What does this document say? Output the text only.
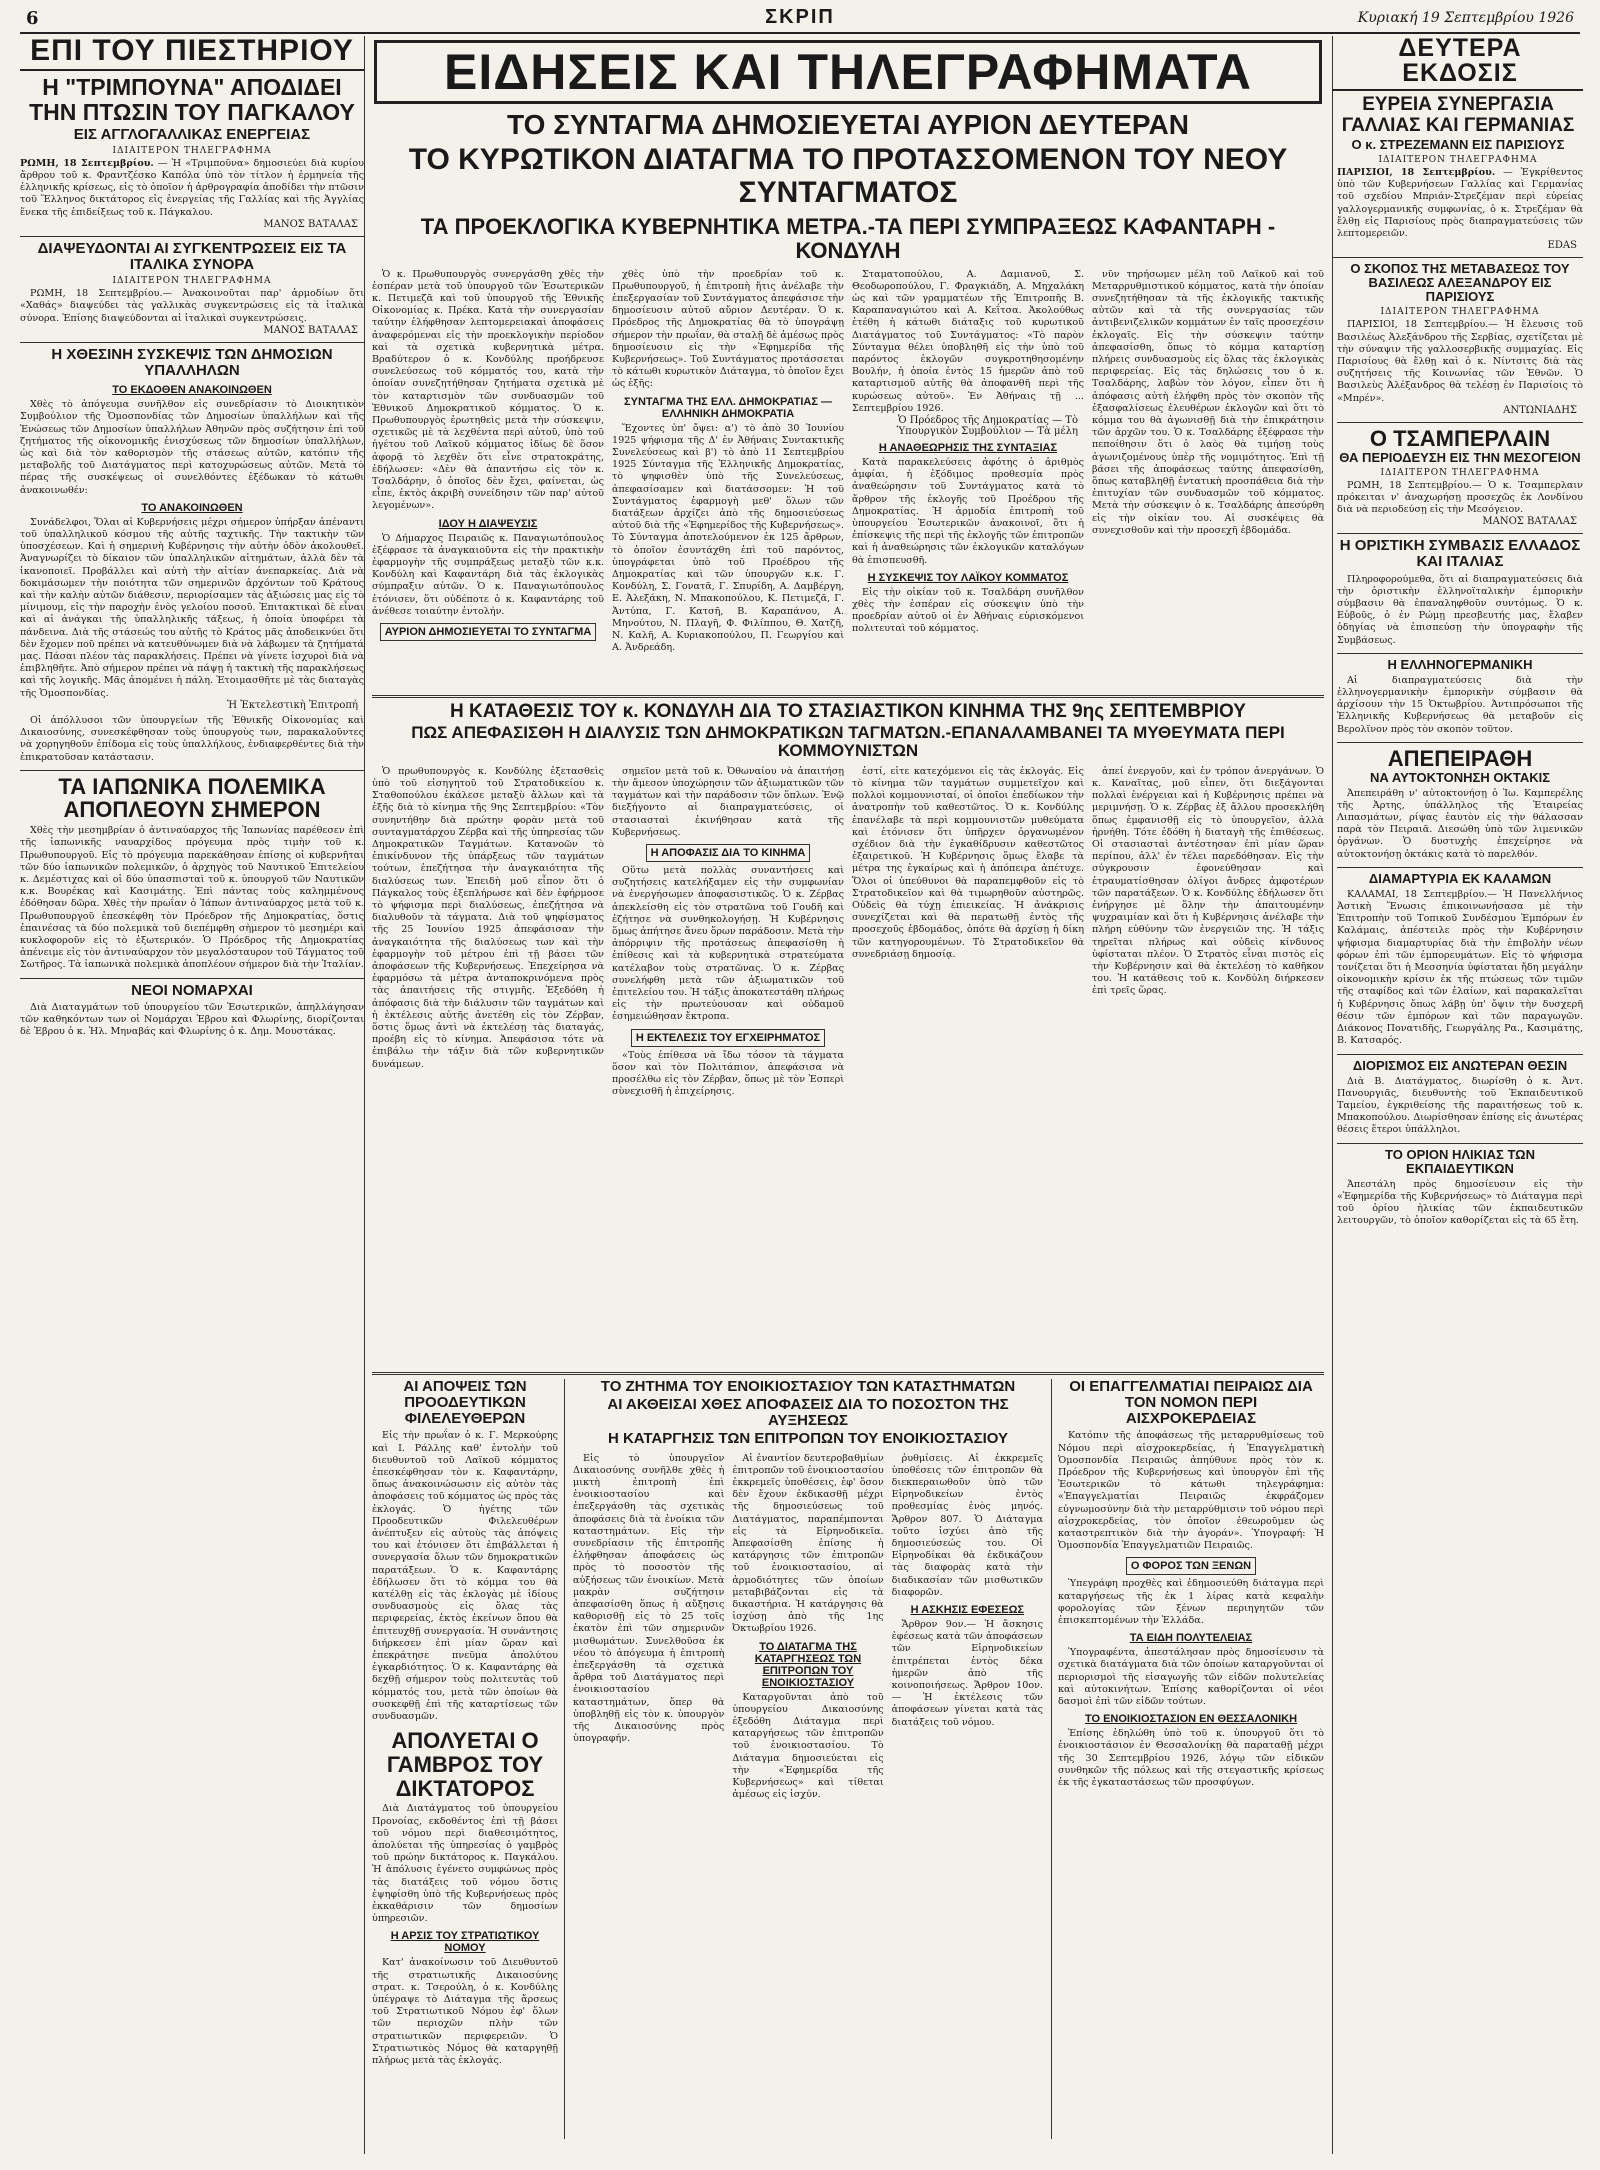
6	ΣΚΡΙΠ	Κυριακή 19 Σεπτεμβρίου 1926
ΕΠΙ ΤΟΥ ΠΙΕΣΤΗΡΙΟΥ
Η "ΤΡΙΜΠΟΥΝΑ" ΑΠΟΔΙΔΕΙ ΤΗΝ ΠΤΩΣΙΝ ΤΟΥ ΠΑΓΚΑΛΟΥ
ΕΙΣ ΑΓΓΛΟΓΑΛΛΙΚΑΣ ΕΝΕΡΓΕΙΑΣ
ΙΔΙΑΙΤΕΡΟΝ ΤΗΛΕΓΡΑΦΗΜΑ

ΡΩΜΗ, 18 Σεπτεμβρίου. — Ἡ «Τριμποῦνα» δημοσιεύει διὰ κυρίου ἄρθρου τοῦ κ. Φραντζέσκο Καπόλα ὑπὸ τὸν τίτλον ἡ ἐρμηνεία τῆς ἑλληνικῆς κρίσεως, εἰς τὸ ὁποῖον ἡ ἀρθρογραφία ἀποδίδει τὴν πτῶσιν τοῦ Ἕλληνος δικτάτορος εἰς ἐνεργείας τῆς Γαλλίας καὶ τῆς Ἀγγλίας ἕνεκα τῆς ἐπιδείξεως τοῦ κ. Πάγκαλου.

ΜΑΝΟΣ ΒΑΤΑΛΑΣ
ΔΙΑΨΕΥΔΟΝΤΑΙ ΑΙ ΣΥΓΚΕΝΤΡΩΣΕΙΣ ΕΙΣ ΤΑ ΙΤΑΛΙΚΑ ΣΥΝΟΡΑ
ΙΔΙΑΙΤΕΡΟΝ ΤΗΛΕΓΡΑΦΗΜΑ

ΡΩΜΗ, 18 Σεπτεμβρίου.— Ἀνακοινοῦται παρ' ἁρμοδίων ὅτι «Χαθάς» διαψεύδει τὰς γαλλικὰς συγκεντρώσεις εἰς τὰ ἰταλικὰ σύνορα. Ἐπίσης διαψεύδονται αἱ ἰταλικαὶ συγκεντρώσεις.

ΜΑΝΟΣ ΒΑΤΑΛΑΣ
Η ΧΘΕΣΙΝΗ ΣΥΣΚΕΨΙΣ ΤΩΝ ΔΗΜΟΣΙΩΝ ΥΠΑΛΛΗΛΩΝ
ΤΟ ΕΚΔΟΘΕΝ ΑΝΑΚΟΙΝΩΘΕΝ

Χθὲς τὸ ἀπόγευμα συνῆλθον εἰς συνεδρίασιν τὸ Διοικητικὸν Συμβούλιον τῆς Ὁμοσπονδίας τῶν Δημοσίων ὑπαλλήλων καὶ τῆς Ἑνώσεως τῶν Δημοσίων ὑπαλλήλων Ἀθηνῶν πρὸς συζήτησιν ἐπὶ τοῦ ζητήματος τῆς οἰκονομικῆς ἐνισχύσεως τῶν δημοσίων ὑπαλλήλων, ὡς καὶ διὰ τὸν καθορισμὸν τῆς στάσεως αὐτῶν, κατόπιν τῆς μεταβολῆς τοῦ Διατάγματος περὶ κατοχυρώσεως αὐτῶν. Μετὰ τὸ πέρας τῆς συσκέψεως οἱ συνελθόντες ἐξέδωκαν τὸ κάτωθι ἀνακοινωθέν:

ΤΟ ΑΝΑΚΟΙΝΩΘΕΝ

Συνάδελφοι, Ὅλαι αἱ Κυβερνήσεις μέχρι σήμερον ὑπήρξαν ἀπέναντι τοῦ ὑπαλληλικοῦ κόσμου τῆς αὐτῆς ταχτικῆς. Τὴν τακτικὴν τῶν ὑποσχέσεων. Καὶ ἡ σημερινὴ Κυβέρνησις τὴν αὐτὴν ὁδὸν ἀκολουθεῖ. Ἀναγνωρίζει τὸ δίκαιον τῶν ὑπαλληλικῶν αἰτημάτων, ἀλλὰ δὲν τὰ ἱκανοποιεῖ. Προβάλλει καὶ αὐτὴ τὴν αἰτίαν ἀνεπαρκείας. Διὰ νὰ δοκιμάσωμεν τὴν ποιότητα τῶν σημερινῶν ἀρχόντων τοῦ Κράτους καὶ τὴν καλὴν αὐτῶν διάθεσιν, περιορίσαμεν τὰς ἀξιώσεις μας εἰς τὸ μίνιμουμ, εἰς τὴν παροχὴν ἑνὸς γελοίου ποσοῦ. Ἐπιτακτικαὶ δὲ εἶναι καὶ αἱ ἀνάγκαι τῆς ὑπαλληλικῆς τάξεως, ἡ ὁποία ὑποφέρει τὰ πάνδεινα. Διὰ τῆς στάσεώς του αὐτῆς τὸ Κράτος μᾶς ἀποδεικνύει ὅτι δὲν ἔχομεν ποῦ πρέπει νὰ κατευθύνωμεν διὰ νὰ λάβωμεν τὰ ζητήματά μας. Πάσαι πλέον τὰς παρακλήσεις. Πρέπει νὰ γίνετε ἰσχυροὶ διὰ νὰ ἐπιβληθῆτε. Ἀπὸ σήμερον πρέπει νὰ πάψῃ ἡ τακτικὴ τῆς παρακλήσεως καὶ τῆς λογικῆς. Μᾶς ἀπομένει ἡ πάλη. Ἑτοιμασθῆτε μὲ τὰς διαταγὰς τῆς Ὁμοσπονδίας.

Ἡ Ἐκτελεστικὴ Ἐπιτροπή

Οἱ ἀπόλλυσοι τῶν ὑπουργείων τῆς Ἐθνικῆς Οἰκονομίας καὶ Δικαιοσύνης, συνεσκέφθησαν τοὺς ὑπουργοὺς των, παρακαλοῦντες νὰ χορηγηθοῦν ἐπίδομα εἰς τοὺς ὑπαλλήλους, ἐνδιαφερθέντες διὰ τὴν ἐπικρατοῦσαν κατάστασιν.

ΤΑ ΙΑΠΩΝΙΚΑ ΠΟΛΕΜΙΚΑ ΑΠΟΠΛΕΟΥΝ ΣΗΜΕΡΟΝ

Χθὲς τὴν μεσημβρίαν ὁ ἀντιναύαρχος τῆς Ἰαπωνίας παρέθεσεν ἐπὶ τῆς ἰαπωνικῆς ναυαρχίδος πρόγευμα πρὸς τιμὴν τοῦ κ. Πρωθυπουργοῦ. Εἰς τὸ πρόγευμα παρεκάθησαν ἐπίσης οἱ κυβερνῆται τῶν δύο ἰαπωνικῶν πολεμικῶν, ὁ ἀρχηγὸς τοῦ Ναυτικοῦ Ἐπιτελείου κ. Δεμέστιχας καὶ οἱ δύο ὑπασπισταὶ τοῦ κ. ὑπουργοῦ τῶν Ναυτικῶν κ.κ. Βουρέκας καὶ Κασιμάτης. Ἐπὶ πάντας τοὺς καλημμένους ἐδόθησαν δῶρα. Χθὲς τὴν πρωΐαν ὁ Ἰάπων ἀντιναύαρχος μετὰ τοῦ κ. Πρωθυπουργοῦ ἐπεσκέφθη τὸν Πρόεδρον τῆς Δημοκρατίας, ὅστις ἐπαινέσας τὰ δύο πολεμικὰ τοῦ διεπέμφθη σὴμερον τὸ μεσημέρι καὶ κυκλοφοροῦν εἰς τὸ ἐξωτερικόν. Ὁ Πρόεδρος τῆς Δημοκρατίας ἀπένειμε εἰς τὸν ἀντιναύαρχον τὸν μεγαλόσταυρον τοῦ Τάγματος τοῦ Σωτῆρος. Τὰ ἰαπωνικὰ πολεμικὰ ἀποπλέουν σήμερον διὰ τὴν Ἰταλίαν.

ΝΕΟΙ ΝΟΜΑΡΧΑΙ

Διὰ Διαταγμάτων τοῦ ὑπουργείου τῶν Ἐσωτερικῶν, ἀπηλλάγησαν τῶν καθηκόντων των οἱ Νομάρχαι Ἑβρου καὶ Φλωρίνης, διορίζονται δὲ Ἑβρου ὁ κ. Ἡλ. Μηναβάς καὶ Φλωρίνης ὁ κ. Δημ. Μουστάκας.

ΕΙΔΗΣΕΙΣ ΚΑΙ ΤΗΛΕΓΡΑΦΗΜΑΤΑ
ΤΟ ΣΥΝΤΑΓΜΑ ΔΗΜΟΣΙΕΥΕΤΑΙ ΑΥΡΙΟΝ ΔΕΥΤΕΡΑΝ
ΤΟ ΚΥΡΩΤΙΚΟΝ ΔΙΑΤΑΓΜΑ ΤΟ ΠΡΟΤΑΣΣΟΜΕΝΟΝ ΤΟΥ ΝΕΟΥ ΣΥΝΤΑΓΜΑΤΟΣ
ΤΑ ΠΡΟΕΚΛΟΓΙΚΑ ΚΥΒΕΡΝΗΤΙΚΑ ΜΕΤΡΑ.-ΤΑ ΠΕΡΙ ΣΥΜΠΡΑΞΕΩΣ ΚΑΦΑΝΤΑΡΗ - ΚΟΝΔΥΛΗ

Ὁ κ. Πρωθυπουργὸς συνεργάσθη χθὲς τὴν ἑσπέραν μετὰ τοῦ ὑπουργοῦ τῶν Ἐσωτερικῶν κ. Πετιμεζᾶ καὶ τοῦ ὑπουργοῦ τῆς Ἐθνικῆς Οἰκονομίας κ. Πρέκα. Κατὰ τὴν συνεργασίαν ταύτην ἐλήφθησαν λεπτομερειακαὶ ἀποφάσεις ἀναφερόμεναι εἰς τὴν προεκλογικὴν περίοδον καὶ τὰ σχετικὰ κυβερνητικὰ μέτρα. Βραδύτερον ὁ κ. Κονδύλης προήδρευσε συνελεύσεως τοῦ κόμματός του, κατὰ τὴν ὁποίαν συνεζητήθησαν ζητήματα σχετικὰ μὲ τὸν καταρτισμὸν τῶν συνδυασμῶν τοῦ Ἐθνικοῦ Δημοκρατικοῦ κόμματος. Ὁ κ. Πρωθυπουργὸς ἐρωτηθεὶς μετὰ τὴν σύσκεψιν, σχετικῶς μὲ τὰ λεχθέντα περὶ αὐτοῦ, ὑπὸ τοῦ ἡγέτου τοῦ Λαϊκοῦ κόμματος ἰδίως δὲ ὅσον ἀφορᾷ τὸ λεχθὲν ὅτι εἶνε στρατοκράτης, ἐδήλωσεν: «Δὲν θὰ ἀπαντήσω εἰς τὸν κ. Τσαλδάρην, ὁ ὁποῖος δὲν ἔχει, φαίνεται, ὡς εἶπε, ἐκτὸς ἀκριβὴ συνείδησιν τῶν παρ' αὐτοῦ λεγομένων».

ΙΔΟΥ Η ΔΙΑΨΕΥΣΙΣ

Ὁ Δήμαρχος Πειραιῶς κ. Παναγιωτόπουλος ἐξέφρασε τὰ ἀναγκαιοῦντα εἰς τὴν πρακτικὴν ἐφαρμογὴν τῆς συμπράξεως μεταξὺ τῶν κ.κ. Κονδύλη καὶ Καφαντάρη διὰ τὰς ἐκλογικὰς σύμπραξιν αὐτῶν. Ὁ κ. Παναγιωτόπουλος ἐτόνισεν, ὅτι οὐδέποτε ὁ κ. Καφαντάρης τοῦ ἀνέθεσε τοιαύτην ἐντολήν.

ΑΥΡΙΟΝ ΔΗΜΟΣΙΕΥΕΤΑΙ ΤΟ ΣΥΝΤΑΓΜΑ

χθὲς ὑπὸ τὴν προεδρίαν τοῦ κ. Πρωθυπουργοῦ, ἡ ἐπιτροπὴ ἥτις ἀνέλαβε τὴν ἐπεξεργασίαν τοῦ Συντάγματος ἀπεφάσισε τὴν δημοσίευσιν αὐτοῦ αὔριον Δευτέραν. Ὁ κ. Πρόεδρος τῆς Δημοκρατίας θὰ τὸ ὑπογράψῃ σήμερον τὴν πρωΐαν, θὰ σταλῇ δὲ ἀμέσως πρὸς δημοσίευσιν εἰς τὴν «Ἐφημερίδα τῆς Κυβερνήσεως». Τοῦ Συντάγματος προτάσσεται τὸ κάτωθι κυρωτικὸν Διάταγμα, τὸ ὁποῖον ἔχει ὡς ἑξῆς:

ΣΥΝΤΑΓΜΑ ΤΗΣ ΕΛΛ. ΔΗΜΟΚΡΑΤΙΑΣ — ΕΛΛΗΝΙΚΗ ΔΗΜΟΚΡΑΤΙΑ

Ἔχοντες ὑπ' ὄψει: α') τὸ ἀπὸ 30 Ἰουνίου 1925 ψήφισμα τῆς Δ' ἐν Ἀθήναις Συντακτικῆς Συνελεύσεως καὶ β') τὸ ἀπὸ 11 Σεπτεμβρίου 1925 Σύνταγμα τῆς Ἑλληνικῆς Δημοκρατίας, τὸ ψηφισθὲν ὑπὸ τῆς Συνελεύσεως, ἀπεφασίσαμεν καὶ διατάσσομεν: Ἡ τοῦ Συντάγματος ἐφαρμογὴ μεθ' ὅλων τῶν διατάξεων ἀρχίζει ἀπὸ τῆς δημοσιεύσεως αὐτοῦ διὰ τῆς «Ἐφημερίδος τῆς Κυβερνήσεως». Τὸ Σύνταγμα ἀποτελούμενον ἐκ 125 ἄρθρων, τὸ ὁποῖον ἐσυντάχθη ἐπὶ τοῦ παρόντος, ὑπογράφεται ὑπὸ τοῦ Προέδρου τῆς Δημοκρατίας καὶ τῶν ὑπουργῶν κ.κ. Γ. Κονδύλη, Σ. Γονατᾶ, Γ. Σπυρίδη, Α. Δαμβέργη, Ε. Ἀλεξάκη, Ν. Μπακοπούλου, Κ. Πετιμεζᾶ, Γ. Ἀντύπα, Γ. Κατσῆ, Β. Καραπάνου, Α. Μηνούτου, Ν. Πλαγῆ, Φ. Φιλίππου, Θ. Χατζῆ, Ν. Καλῆ, Α. Κυριακοπούλου, Π. Γεωργίου καὶ Α. Ἀνδρεάδη.

Σταματοπούλου, Α. Δαμιανοῦ, Σ. Θεοδωροπούλου, Γ. Φραγκιάδη, Α. Μηχαλάκη ὡς καὶ τῶν γραμματέων τῆς Ἐπιτροπῆς Β. Καραπαναγιώτου καὶ Α. Κεΐτσα. Ἀκολούθως ἐτέθη ἡ κάτωθι διάταξις τοῦ κυρωτικοῦ Διατάγματος τοῦ Συντάγματος: «Τὸ παρὸν Σύνταγμα θέλει ὑποβληθῆ εἰς τὴν ὑπὸ τοῦ παρόντος ἐκλογῶν συγκροτηθησομένην Βουλήν, ἡ ὁποία ἐντὸς 15 ἡμερῶν ἀπὸ τοῦ καταρτισμοῦ αὐτῆς θὰ ἀποφανθῆ περὶ τῆς κυρώσεως αὐτοῦ». Ἐν Ἀθήναις τῇ ... Σεπτεμβρίου 1926.

Ὁ Πρόεδρος τῆς Δημοκρατίας — Τὸ Ὑπουργικὸν Συμβούλιον — Τὰ μέλη
Η ΑΝΑΘΕΩΡΗΣΙΣ ΤΗΣ ΣΥΝΤΑΞΙΑΣ

Κατὰ παρακελεύσεις ἀφότης ὁ ἀριθμὸς ἀμφίαι, ἡ ἐξόδιμος προθεσμία πρὸς ἀναθεώρησιν τοῦ Συντάγματος κατὰ τὸ ἄρθρον τῆς ἐκλογῆς τοῦ Προέδρου τῆς Δημοκρατίας. Ἡ ἀρμοδία ἐπιτροπὴ τοῦ ὑπουργείου Ἐσωτερικῶν ἀνακοινοῖ, ὅτι ἡ ἐπίσκεψις τῆς περὶ τῆς ἐκλογῆς τῶν ἐπιτροπῶν καὶ ἡ ἀναθεώρησις τῶν ἐκλογικῶν καταλόγων θὰ ἐπισπευσθῆ.

Η ΣΥΣΚΕΨΙΣ ΤΟΥ ΛΑΪΚΟΥ ΚΟΜΜΑΤΟΣ

Εἰς τὴν οἰκίαν τοῦ κ. Τσαλδάρη συνῆλθον χθὲς τὴν ἑσπέραν εἰς σύσκεψιν ὑπὸ τὴν προεδρίαν αὐτοῦ οἱ ἐν Ἀθήναις εὑρισκόμενοι πολιτευταὶ τοῦ κόμματος.

νῦν τηρήσωμεν μέλη τοῦ Λαϊκοῦ καὶ τοῦ Μεταρρυθμιστικοῦ κόμματος, κατὰ τὴν ὁποίαν συνεζητήθησαν τὰ τῆς ἐκλογικῆς τακτικῆς αὐτῶν καὶ τὰ τῆς συνεργασίας τῶν ἀντιβενιζελικῶν κομμάτων ἐν ταῖς προσεχέσιν ἐκλογαῖς. Εἰς τὴν σύσκεψιν ταύτην ἀπεφασίσθη, ὅπως τὸ κόμμα καταρτίσῃ πλήρεις συνδυασμοὺς εἰς ὅλας τὰς ἐκλογικὰς περιφερείας. Εἰς τὰς δηλώσεις του ὁ κ. Τσαλδάρης, λαβὼν τὸν λόγον, εἶπεν ὅτι ἡ ἀπόφασις αὐτὴ ἐλήφθη πρὸς τὸν σκοπὸν τῆς ἐξασφαλίσεως ἐλευθέρων ἐκλογῶν καὶ ὅτι τὸ κόμμα του θὰ ἀγωνισθῇ διὰ τὴν ἐπικράτησιν τῶν ἀρχῶν του. Ὁ κ. Τσαλδάρης ἐξέφρασε τὴν πεποίθησιν ὅτι ὁ λαὸς θὰ τιμήσῃ τοὺς ἀγωνιζομένους ὑπὲρ τῆς νομιμότητος. Ἐπὶ τῇ βάσει τῆς ἀποφάσεως ταύτης ἀπεφασίσθη, ὅπως καταβληθῇ ἐντατικὴ προσπάθεια διὰ τὴν ἐπιτυχίαν τῶν συνδυασμῶν τοῦ κόμματος. Μετὰ τὴν σύσκεψιν ὁ κ. Τσαλδάρης ἀπεσύρθη εἰς τὴν οἰκίαν του. Αἱ συσκέψεις θὰ συνεχισθοῦν καὶ τὴν προσεχῆ ἑβδομάδα.

Η ΚΑΤΑΘΕΣΙΣ ΤΟΥ κ. ΚΟΝΔΥΛΗ ΔΙΑ ΤΟ ΣΤΑΣΙΑΣΤΙΚΟΝ ΚΙΝΗΜΑ ΤΗΣ 9ης ΣΕΠΤΕΜΒΡΙΟΥ
ΠΩΣ ΑΠΕΦΑΣΙΣΘΗ Η ΔΙΑΛΥΣΙΣ ΤΩΝ ΔΗΜΟΚΡΑΤΙΚΩΝ ΤΑΓΜΑΤΩΝ.-ΕΠΑΝΑΛΑΜΒΑΝΕΙ ΤΑ ΜΥΘΕΥΜΑΤΑ ΠΕΡΙ ΚΟΜΜΟΥΝΙΣΤΩΝ

Ὁ πρωθυπουργὸς κ. Κονδύλης ἐξετασθεὶς ὑπὸ τοῦ εἰσηγητοῦ τοῦ Στρατοδικείου κ. Σταθοπούλου ἐκάλεσε μεταξὺ ἄλλων καὶ τὰ ἑξῆς διὰ τὸ κίνημα τῆς 9ης Σεπτεμβρίου: «Τὸν συνηντήθην διὰ πρώτην φορὰν μετὰ τοῦ συνταγματάρχου Ζέρβα καὶ τῆς ὑπηρεσίας τῶν Δημοκρατικῶν Ταγμάτων. Κατανοῶν τὸ ἐπικίνδυνον τῆς ὑπάρξεως τῶν ταγμάτων τούτων, ἐπεζήτησα τὴν ἀναγκαιότητα τῆς διαλύσεως των. Ἐπειδὴ μοῦ εἶπον ὅτι ὁ Πάγκαλος τοὺς ἐξεπλήρωσε καὶ δὲν ἐφήρμοσε τὸ ψήφισμα περὶ διαλύσεως, ἐπεζήτησα νὰ διαλυθοῦν τὰ τάγματα. Διὰ τοῦ ψηφίσματος τῆς 25 Ἰουνίου 1925 ἀπεφάσισαν τὴν ἀναγκαιότητα τῆς διαλύσεως των καὶ τὴν ἐφαρμογὴν τοῦ μέτρου ἐπὶ τῇ βάσει τῶν ἀποφάσεων τῆς Κυβερνήσεως. Ἐπεχείρησα νὰ ἐφαρμόσω τὰ μέτρα ἀνταποκρινόμενα πρὸς τὰς ἀπαιτήσεις τῆς στιγμῆς. Ἐξεδόθη ἡ ἀπόφασις διὰ τὴν διάλυσιν τῶν ταγμάτων καὶ ἡ ἐκτέλεσις αὐτῆς ἀνετέθη εἰς τὸν Ζέρβαν, ὅστις ὅμως ἀντὶ νὰ ἐκτελέσῃ τὰς διαταγάς, προέβη εἰς τὸ κίνημα. Ἀπεφάσισα τότε νὰ ἐπιβάλω τὴν τάξιν διὰ τῶν κυβερνητικῶν δυνάμεων.

σημεῖον μετὰ τοῦ κ. Ὀθωναίου νὰ ἀπαιτήσῃ τὴν ἄμεσον ὑποχώρησιν τῶν ἀξιωματικῶν τῶν ταγμάτων καὶ τὴν παράδοσιν τῶν ὅπλων. Ἐνῷ διεξήγοντο αἱ διαπραγματεύσεις, οἱ στασιασταὶ ἐκινήθησαν κατὰ τῆς Κυβερνήσεως.

Η ΑΠΟΦΑΣΙΣ ΔΙΑ ΤΟ ΚΙΝΗΜΑ

Οὕτω μετὰ πολλὰς συναντήσεις καὶ συζητήσεις κατελήξαμεν εἰς τὴν συμφωνίαν νὰ ἐνεργήσωμεν ἀποφασιστικῶς. Ὁ κ. Ζέρβας ἀπεκλείσθη εἰς τὸν στρατῶνα τοῦ Γουδῆ καὶ ἐζήτησε νὰ συνθηκολογήσῃ. Ἡ Κυβέρνησις ὅμως ἀπήτησε ἄνευ ὅρων παράδοσιν. Μετὰ τὴν ἀπόρριψιν τῆς προτάσεως ἀπεφασίσθη ἡ ἐπίθεσις καὶ τὰ κυβερνητικὰ στρατεύματα κατέλαβον τοὺς στρατῶνας. Ὁ κ. Ζέρβας συνελήφθη μετὰ τῶν ἀξιωματικῶν τοῦ ἐπιτελείου του. Ἡ τάξις ἀποκατεστάθη πλήρως εἰς τὴν πρωτεύουσαν καὶ οὐδαμοῦ ἐσημειώθησαν ἔκτροπα.

Η ΕΚΤΕΛΕΣΙΣ ΤΟΥ ΕΓΧΕΙΡΗΜΑΤΟΣ

«Τοὺς ἐπίθεσα νὰ ἴδω τόσον τὰ τάγματα ὅσον καὶ τὸν Πολιτάπιον, ἀπεφάσισα νὰ προσέλθω εἰς τὸν Ζέρβαν, ὅπως μὲ τὸν Ἐσπερὶ σὺνεχισθῆ ἡ ἐπιχείρησις.

ἐστί, εἶτε κατεχόμενοι εἰς τὰς ἐκλογάς. Εἰς τὸ κίνημα τῶν ταγμάτων συμμετεῖχον καὶ πολλοὶ κομμουνισταί, οἱ ὁποῖοι ἐπεδίωκον τὴν ἀνατροπὴν τοῦ καθεστῶτος. Ὁ κ. Κονδύλης ἐπανέλαβε τὰ περὶ κομμουνιστῶν μυθεύματα καὶ ἐτόνισεν ὅτι ὑπῆρχεν ὀργανωμένον σχέδιον διὰ τὴν ἐγκαθίδρυσιν καθεστῶτος ἐξαιρετικοῦ. Ἡ Κυβέρνησις ὅμως ἔλαβε τὰ μέτρα της ἐγκαίρως καὶ ἡ ἀπόπειρα ἀπέτυχε. Ὅλοι οἱ ὑπεύθυνοι θὰ παραπεμφθοῦν εἰς τὸ Στρατοδικεῖον καὶ θὰ τιμωρηθοῦν αὐστηρῶς. Οὐδεὶς θὰ τύχῃ ἐπιεικείας. Ἡ ἀνάκρισις συνεχίζεται καὶ θὰ περατωθῇ ἐντὸς τῆς προσεχοῦς ἑβδομάδος, ὁπότε θὰ ἀρχίσῃ ἡ δίκη τῶν κατηγορουμένων. Τὸ Στρατοδικεῖον θὰ συνεδριάσῃ δημοσίᾳ.

ἀπεί ἐνεργοῦν, καὶ ἐν τρόπον ἀνεργάνων. Ὁ κ. Καναῖτας, μοῦ εἶπεν, ὅτι διεξάγονται πολλαὶ ἐνέργειαι καὶ ἡ Κυβέρνησις πρέπει νὰ μεριμνήσῃ. Ὁ κ. Ζέρβας ἐξ ἄλλου προσεκλήθη ὅπως ἐμφανισθῇ εἰς τὸ ὑπουργεῖον, ἀλλὰ ἠρνήθη. Τότε ἐδόθη ἡ διαταγὴ τῆς ἐπιθέσεως. Οἱ στασιασταὶ ἀντέστησαν ἐπὶ μίαν ὥραν περίπου, ἀλλ' ἐν τέλει παρεδόθησαν. Εἰς τὴν σύγκρουσιν ἐφονεύθησαν καὶ ἐτραυματίσθησαν ὀλίγοι ἄνδρες ἀμφοτέρων τῶν παρατάξεων. Ὁ κ. Κονδύλης ἐδήλωσεν ὅτι ἐνήργησε μὲ ὅλην τὴν ἀπαιτουμένην ψυχραιμίαν καὶ ὅτι ἡ Κυβέρνησις ἀνέλαβε τὴν πλήρη εὐθύνην τῶν ἐνεργειῶν της. Ἡ τάξις τηρεῖται πλήρως καὶ οὐδεὶς κίνδυνος ὑφίσταται πλέον. Ὁ Στρατὸς εἶναι πιστὸς εἰς τὴν Κυβέρνησιν καὶ θὰ ἐκτελέσῃ τὸ καθῆκον του. Ἡ κατάθεσις τοῦ κ. Κονδύλη διήρκεσεν ἐπὶ τρεῖς ὥρας.

ΑΙ ΑΠΟΨΕΙΣ ΤΩΝ ΠΡΟΟΔΕΥΤΙΚΩΝ ΦΙΛΕΛΕΥΘΕΡΩΝ

Εἰς τὴν πρωΐαν ὁ κ. Γ. Μερκούρης καὶ Ι. Ράλλης καθ' ἐντολὴν τοῦ διευθυντοῦ τοῦ Λαϊκοῦ κόμματος ἐπεσκέφθησαν τὸν κ. Καφαντάρην, ὅπως ἀνακοινώσωσιν εἰς αὐτὸν τὰς ἀποφάσεις τοῦ κόμματος ὡς πρὸς τὰς ἐκλογάς. Ὁ ἡγέτης τῶν Προοδευτικῶν Φιλελευθέρων ἀνέπτυξεν εἰς αὐτοὺς τὰς ἀπόψεις του καὶ ἐτόνισεν ὅτι ἐπιβάλλεται ἡ συνεργασία ὅλων τῶν δημοκρατικῶν παρατάξεων. Ὁ κ. Καφαντάρης ἐδήλωσεν ὅτι τὸ κόμμα του θὰ κατέλθῃ εἰς τὰς ἐκλογὰς μὲ ἰδίους συνδυασμοὺς εἰς ὅλας τὰς περιφερείας, ἐκτὸς ἐκείνων ὅπου θὰ ἐπιτευχθῇ συνεργασία. Ἡ συνάντησις διήρκεσεν ἐπὶ μίαν ὥραν καὶ ἐπεκράτησε πνεῦμα ἀπολύτου ἐγκαρδιότητος. Ὁ κ. Καφαντάρης θὰ δεχθῇ σήμερον τοὺς πολιτευτὰς τοῦ κόμματός του, μετὰ τῶν ὁποίων θὰ συσκεφθῇ ἐπὶ τῆς καταρτίσεως τῶν συνδυασμῶν.

ΑΠΟΛΥΕΤΑΙ Ο ΓΑΜΒΡΟΣ ΤΟΥ ΔΙΚΤΑΤΟΡΟΣ

Διὰ Διατάγματος τοῦ ὑπουργείου Προνοίας, εκδοθέντος ἐπὶ τῇ βάσει τοῦ νόμου περὶ διαθεσιμότητος, ἀπολύεται τῆς ὑπηρεσίας ὁ γαμβρὸς τοῦ πρώην δικτάτορος κ. Παγκάλου. Ἡ ἀπόλυσις ἐγένετο συμφώνως πρὸς τὰς διατάξεις τοῦ νόμου ὅστις ἐψηφίσθη ὑπὸ τῆς Κυβερνήσεως πρὸς ἐκκαθάρισιν τῶν δημοσίων ὑπηρεσιῶν.

Η ΑΡΣΙΣ ΤΟΥ ΣΤΡΑΤΙΩΤΙΚΟΥ ΝΟΜΟΥ

Κατ' ἀνακοίνωσιν τοῦ Διευθυντοῦ τῆς στρατιωτικῆς Δικαιοσύνης στρατ. κ. Τσερούλη, ὁ κ. Κονδύλης ὑπέγραψε τὸ Διάταγμα τῆς ἄρσεως τοῦ Στρατιωτικοῦ Νόμου ἐφ' ὅλων τῶν περιοχῶν πλὴν τῶν στρατιωτικῶν περιφερειῶν. Ὁ Στρατιωτικὸς Νόμος θὰ καταργηθῇ πλήρως μετὰ τὰς ἐκλογάς.

ΤΟ ΖΗΤΗΜΑ ΤΟΥ ΕΝΟΙΚΙΟΣΤΑΣΙΟΥ ΤΩΝ ΚΑΤΑΣΤΗΜΑΤΩΝ
ΑΙ ΑΚΘΕΙΣΑΙ ΧΘΕΣ ΑΠΟΦΑΣΕΙΣ ΔΙΑ ΤΟ ΠΟΣΟΣΤΟΝ ΤΗΣ ΑΥΞΗΣΕΩΣ
Η ΚΑΤΑΡΓΗΣΙΣ ΤΩΝ ΕΠΙΤΡΟΠΩΝ ΤΟΥ ΕΝΟΙΚΙΟΣΤΑΣΙΟΥ

Εἰς τὸ ὑπουργεῖον Δικαιοσύνης συνῆλθε χθὲς ἡ μικτὴ ἐπιτροπὴ ἐπὶ ἐνοικιοστασίου καὶ ἐπεξεργάσθη τὰς σχετικὰς ἀποφάσεις διὰ τὰ ἐνοίκια τῶν καταστημάτων. Εἰς τὴν συνεδρίασιν τῆς ἐπιτροπῆς ἐλήφθησαν ἀποφάσεις ὡς πρὸς τὸ ποσοστὸν τῆς αὐξήσεως τῶν ἐνοικίων. Μετὰ μακρὰν συζήτησιν ἀπεφασίσθη ὅπως ἡ αὔξησις καθορισθῇ εἰς τὸ 25 τοῖς ἑκατὸν ἐπὶ τῶν σημερινῶν μισθωμάτων. Συνελθοῦσα ἐκ νέου τὸ ἀπόγευμα ἡ ἐπιτροπὴ ἐπεξεργάσθη τὰ σχετικὰ ἄρθρα τοῦ Διατάγματος περὶ ἐνοικιοστασίου καταστημάτων, ὅπερ θὰ ὑποβληθῇ εἰς τὸν κ. ὑπουργὸν τῆς Δικαιοσύνης πρὸς ὑπογραφήν.

Αἱ ἐναντίον δευτεροβαθμίων ἐπιτροπῶν τοῦ ἐνοικιοστασίου ἐκκρεμεῖς ὑποθέσεις, ἐφ' ὅσον δὲν ἔχουν ἐκδικασθῇ μέχρι τῆς δημοσιεύσεως τοῦ Διατάγματος, παραπέμπονται εἰς τὰ Εἰρηνοδικεῖα. Ἀπεφασίσθη ἐπίσης ἡ κατάργησις τῶν ἐπιτροπῶν τοῦ ἐνοικιοστασίου, αἱ ἁρμοδιότητες τῶν ὁποίων μεταβιβάζονται εἰς τὰ δικαστήρια. Ἡ κατάργησις θὰ ἰσχύσῃ ἀπὸ τῆς 1ης Ὀκτωβρίου 1926.

ΤΟ ΔΙΑΤΑΓΜΑ ΤΗΣ ΚΑΤΑΡΓΗΣΕΩΣ ΤΩΝ ΕΠΙΤΡΟΠΩΝ ΤΟΥ ΕΝΟΙΚΙΟΣΤΑΣΙΟΥ

Καταργοῦνται ἀπὸ τοῦ ὑπουργείου Δικαιοσύνης ἐξεδόθη Διάταγμα περὶ καταργήσεως τῶν ἐπιτροπῶν τοῦ ἐνοικιοστασίου. Τὸ Διάταγμα δημοσιεύεται εἰς τὴν «Ἐφημερίδα τῆς Κυβερνήσεως» καὶ τίθεται ἀμέσως εἰς ἰσχύν.

ῥυθμίσεις. Αἱ ἐκκρεμεῖς ὑποθέσεις τῶν ἐπιτροπῶν θὰ διεκπεραιωθοῦν ὑπὸ τῶν Εἰρηνοδικείων ἐντὸς προθεσμίας ἑνὸς μηνός. Ἄρθρον 807. Ὁ Διάταγμα τοῦτο ἰσχύει ἀπὸ τῆς δημοσιεύσεώς του. Οἱ Εἰρηνοδίκαι θὰ ἐκδικάζουν τὰς διαφορὰς κατὰ τὴν διαδικασίαν τῶν μισθωτικῶν διαφορῶν.

Η ΑΣΚΗΣΙΣ ΕΦΕΣΕΩΣ

Ἄρθρον 9ον.— Ἡ ἄσκησις ἐφέσεως κατὰ τῶν ἀποφάσεων τῶν Εἰρηνοδικείων ἐπιτρέπεται ἐντὸς δέκα ἡμερῶν ἀπὸ τῆς κοινοποιήσεως. Ἄρθρον 10ον.— Ἡ ἐκτέλεσις τῶν ἀποφάσεων γίνεται κατὰ τὰς διατάξεις τοῦ νόμου.

ΟΙ ΕΠΑΓΓΕΛΜΑΤΙΑΙ ΠΕΙΡΑΙΩΣ ΔΙΑ ΤΟΝ ΝΟΜΟΝ ΠΕΡΙ ΑΙΣΧΡΟΚΕΡΔΕΙΑΣ

Κατόπιν τῆς ἀποφάσεως τῆς μεταρρυθμίσεως τοῦ Νόμου περὶ αἰσχροκερδείας, ἡ Ἐπαγγελματικὴ Ὁμοσπονδία Πειραιῶς ἀπηύθυνε πρὸς τὸν κ. Πρόεδρον τῆς Κυβερνήσεως καὶ ὑπουργὸν ἐπὶ τῆς Ἐσωτερικῶν τὸ κάτωθι τηλεγράφημα: «Ἐπαγγελματίαι Πειραιῶς ἐκφράζομεν εὐγνωμοσύνην διὰ τὴν μεταρρύθμισιν τοῦ νόμου περὶ αἰσχροκερδείας, τὸν ὁποῖον ἐθεωροῦμεν ὡς καταστρεπτικὸν διὰ τὴν ἀγοράν». Ὑπογραφή: Ἡ Ὁμοσπονδία Ἐπαγγελματιῶν Πειραιῶς.

Ο ΦΟΡΟΣ ΤΩΝ ΞΕΝΩΝ

Ὑπεγράφη προχθὲς καὶ ἐδημοσιεύθη διάταγμα περὶ καταργήσεως τῆς ἐκ 1 λίρας κατὰ κεφαλὴν φορολογίας τῶν ξένων περιηγητῶν τῶν ἐπισκεπτομένων τὴν Ἑλλάδα.

ΤΑ ΕΙΔΗ ΠΟΛΥΤΕΛΕΙΑΣ

Ὑπογραφέντα, ἀπεστάλησαν πρὸς δημοσίευσιν τὰ σχετικὰ διατάγματα διὰ τῶν ὁποίων καταργοῦνται οἱ περιορισμοὶ τῆς εἰσαγωγῆς τῶν εἰδῶν πολυτελείας καὶ αὐτοκινήτων. Ἐπίσης καθορίζονται οἱ νέοι δασμοὶ ἐπὶ τῶν εἰδῶν τούτων.

ΤΟ ΕΝΟΙΚΙΟΣΤΑΣΙΟΝ ΕΝ ΘΕΣΣΑΛΟΝΙΚΗ

Ἐπίσης ἐδηλώθη ὑπὸ τοῦ κ. ὑπουργοῦ ὅτι τὸ ἐνοικιοστάσιον ἐν Θεσσαλονίκῃ θὰ παραταθῇ μέχρι τῆς 30 Σεπτεμβρίου 1926, λόγῳ τῶν εἰδικῶν συνθηκῶν τῆς πόλεως καὶ τῆς στεγαστικῆς κρίσεως ἐκ τῆς ἐγκαταστάσεως τῶν προσφύγων.

ΔΕΥΤΕΡΑ ΕΚΔΟΣΙΣ
ΕΥΡΕΙΑ ΣΥΝΕΡΓΑΣΙΑ ΓΑΛΛΙΑΣ ΚΑΙ ΓΕΡΜΑΝΙΑΣ
Ο κ. ΣΤΡΕΖΕΜΑΝΝ ΕΙΣ ΠΑΡΙΣΙΟΥΣ
ΙΔΙΑΙΤΕΡΟΝ ΤΗΛΕΓΡΑΦΗΜΑ

ΠΑΡΙΣΙΟΙ, 18 Σεπτεμβρίου. — Ἐγκρίθεντος ὑπὸ τῶν Κυβερνήσεων Γαλλίας καὶ Γερμανίας τοῦ σχεδίου Μπριάν-Στρεζέμαν περὶ εὐρείας γαλλογερμανικῆς συμφωνίας, ὁ κ. Στρεζέμαν θὰ ἔλθῃ εἰς Παρισίους πρὸς διαπραγματεύσεις τῶν λεπτομερειῶν.

EDAS
Ο ΣΚΟΠΟΣ ΤΗΣ ΜΕΤΑΒΑΣΕΩΣ ΤΟΥ ΒΑΣΙΛΕΩΣ ΑΛΕΞΑΝΔΡΟΥ ΕΙΣ ΠΑΡΙΣΙΟΥΣ
ΙΔΙΑΙΤΕΡΟΝ ΤΗΛΕΓΡΑΦΗΜΑ

ΠΑΡΙΣΙΟΙ, 18 Σεπτεμβρίου.— Ἡ ἔλευσις τοῦ Βασιλέως Ἀλεξάνδρου τῆς Σερβίας, σχετίζεται μὲ τὴν σύναψιν τῆς γαλλοσερβικῆς συμμαχίας. Εἰς Παρισίους θὰ ἔλθῃ καὶ ὁ κ. Νίντσιτς διὰ τὰς συζητήσεις τῆς Κοινωνίας τῶν Ἐθνῶν. Ὁ Βασιλεὺς Ἀλέξανδρος θὰ τελέσῃ ἐν Παρισίοις τὸ «Μπρέν».

ΑΝΤΩΝΙΑΔΗΣ
Ο ΤΣΑΜΠΕΡΛΑΙΝ
ΘΑ ΠΕΡΙΟΔΕΥΣΗ ΕΙΣ ΤΗΝ ΜΕΣΟΓΕΙΟΝ
ΙΔΙΑΙΤΕΡΟΝ ΤΗΛΕΓΡΑΦΗΜΑ

ΡΩΜΗ, 18 Σεπτεμβρίου.— Ὁ κ. Τσαμπερλαιν πρόκειται ν' ἀναχωρήσῃ προσεχῶς ἐκ Λονδίνου διὰ νὰ περιοδεύσῃ εἰς τὴν Μεσόγειον.

ΜΑΝΟΣ ΒΑΤΑΛΑΣ
Η ΟΡΙΣΤΙΚΗ ΣΥΜΒΑΣΙΣ ΕΛΛΑΔΟΣ ΚΑΙ ΙΤΑΛΙΑΣ

Πληροφορούμεθα, ὅτι αἱ διαπραγματεύσεις διὰ τὴν ὁριστικὴν ἑλληνοϊταλικὴν ἐμπορικὴν σύμβασιν θὰ ἐπαναληφθοῦν συντόμως. Ὁ κ. Εὐβοῦς, ὁ ἐν Ρώμῃ πρεσβευτής μας, ἔλαβεν ὁδηγίας νὰ ἐπισπεύσῃ τὴν ὑπογραφὴν τῆς Συμβάσεως.

Η ΕΛΛΗΝΟΓΕΡΜΑΝΙΚΗ

Αἱ διαπραγματεύσεις διὰ τὴν ἑλληνογερμανικὴν ἐμπορικὴν σύμβασιν θὰ ἀρχίσουν τὴν 15 Ὀκτωβρίου. Ἀντιπρόσωποι τῆς Ἑλληνικῆς Κυβερνήσεως θὰ μεταβοῦν εἰς Βερολῖνον πρὸς τὸν σκοπὸν τοῦτον.

ΑΠΕΠΕΙΡΑΘΗ
ΝΑ ΑΥΤΟΚΤΟΝΗΣΗ ΟΚΤΑΚΙΣ

Ἀπεπειράθη ν' αὐτοκτονήσῃ ὁ Ἰω. Καμπερέλης τῆς Ἀρτης, ὑπάλληλος τῆς Ἑταιρείας Λιπασμάτων, ρίψας ἑαυτὸν εἰς τὴν θάλασσαν παρὰ τὸν Πειραιᾶ. Διεσώθη ὑπὸ τῶν λιμενικῶν ὀργάνων. Ὁ δυστυχὴς ἐπεχείρησε νὰ αὐτοκτονήσῃ ὀκτάκις κατὰ τὸ παρελθόν.

ΔΙΑΜΑΡΤΥΡΙΑ ΕΚ ΚΑΛΑΜΩΝ

ΚΑΛΑΜΑΙ, 18 Σεπτεμβρίου.— Ἡ Πανελλήνιος Ἀστικὴ Ἕνωσις ἐπικοινωνήσασα μὲ τὴν Ἐπιτροπὴν τοῦ Τοπικοῦ Συνδέσμου Ἐμπόρων ἐν Καλάμαις, ἀπέστειλε πρὸς τὴν Κυβέρνησιν ψήφισμα διαμαρτυρίας διὰ τὴν ἐπιβολὴν νέων φόρων ἐπὶ τῶν ἐμπορευμάτων. Εἰς τὸ ψήφισμα τονίζεται ὅτι ἡ Μεσσηνία ὑφίσταται ἤδη μεγάλην οἰκονομικὴν κρίσιν ἐκ τῆς πτώσεως τῶν τιμῶν τῆς σταφίδος καὶ τῶν ἐλαίων, καὶ παρακαλεῖται ἡ Κυβέρνησις ὅπως λάβῃ ὑπ' ὄψιν τὴν δυσχερῆ θέσιν τῶν ἐμπόρων καὶ τῶν παραγωγῶν. Διάκονος Πονατιδῆς, Γεωργάλης Ρα., Κασιμάτης, Β. Κατσαρός.

ΔΙΟΡΙΣΜΟΣ ΕΙΣ ΑΝΩΤΕΡΑΝ ΘΕΣΙΝ

Διὰ Β. Διατάγματος, διωρίσθη ὁ κ. Ἀντ. Πανουργιᾶς, διευθυντὴς τοῦ Ἐκπαιδευτικοῦ Ταμείου, ἐγκριθείσης τῆς παραιτήσεως τοῦ κ. Μπακοπούλου. Διωρίσθησαν ἐπίσης εἰς ἀνωτέρας θέσεις ἕτεροι ὑπάλληλοι.

ΤΟ ΟΡΙΟΝ ΗΛΙΚΙΑΣ ΤΩΝ ΕΚΠΑΙΔΕΥΤΙΚΩΝ

Ἀπεστάλη πρὸς δημοσίευσιν εἰς τὴν «Ἐφημερίδα τῆς Κυβερνήσεως» τὸ Διάταγμα περὶ τοῦ ὁρίου ἡλικίας τῶν ἐκπαιδευτικῶν λειτουργῶν, τὸ ὁποῖον καθορίζεται εἰς τὰ 65 ἔτη.
